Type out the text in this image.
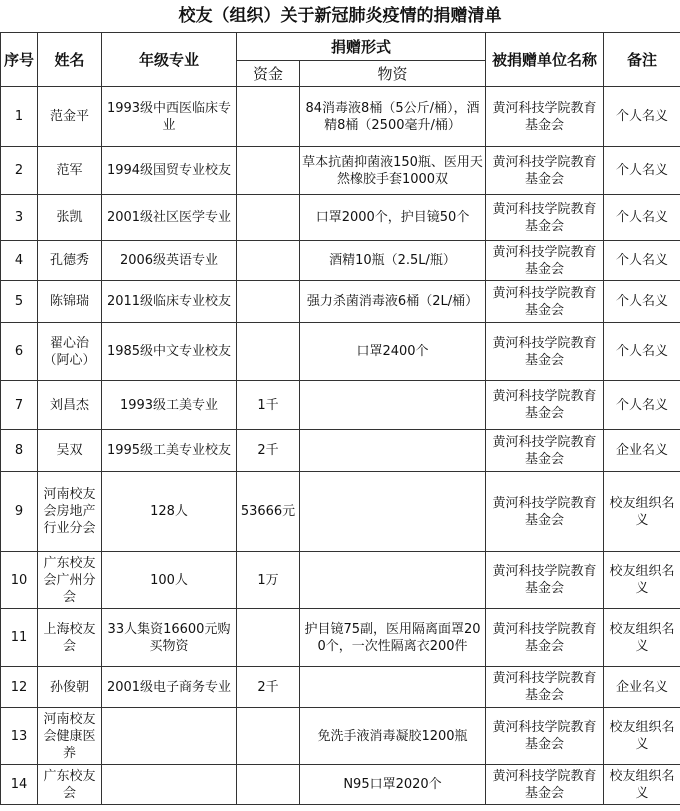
校友（组织）关于新冠肺炎疫情的捐赠清单
序号	姓名	年级专业	捐赠形式		被捐赠单位名称	备注
			资金	物资		
1	范金平	1993级中西医临床专业		84消毒液8桶（5公斤/桶），酒精8桶（2500毫升/桶）	黄河科技学院教育基金会	个人名义
2	范军	1994级国贸专业校友		草本抗菌抑菌液150瓶、医用天然橡胶手套1000双	黄河科技学院教育基金会	个人名义
3	张凯	2001级社区医学专业		口罩2000个，护目镜50个	黄河科技学院教育基金会	个人名义
4	孔德秀	2006级英语专业		酒精10瓶（2.5L/瓶）	黄河科技学院教育基金会	个人名义
5	陈锦瑞	2011级临床专业校友		强力杀菌消毒液6桶（2L/桶）	黄河科技学院教育基金会	个人名义
6	翟心治（阿心）	1985级中文专业校友		口罩2400个	黄河科技学院教育基金会	个人名义
7	刘昌杰	1993级工美专业	1千		黄河科技学院教育基金会	个人名义
8	吴双	1995级工美专业校友	2千		黄河科技学院教育基金会	企业名义
9	河南校友会房地产行业分会	128人	53666元		黄河科技学院教育基金会	校友组织名义
10	广东校友会广州分会	100人	1万		黄河科技学院教育基金会	校友组织名义
11	上海校友会	33人集资16600元购买物资		护目镜75副，医用隔离面罩200个，一次性隔离衣200件	黄河科技学院教育基金会	校友组织名义
12	孙俊朝	2001级电子商务专业	2千		黄河科技学院教育基金会	企业名义
13	河南校友会健康医养			免洗手液消毒凝胶1200瓶	黄河科技学院教育基金会	校友组织名义
14	广东校友会			N95口罩2020个	黄河科技学院教育基金会	校友组织名义
